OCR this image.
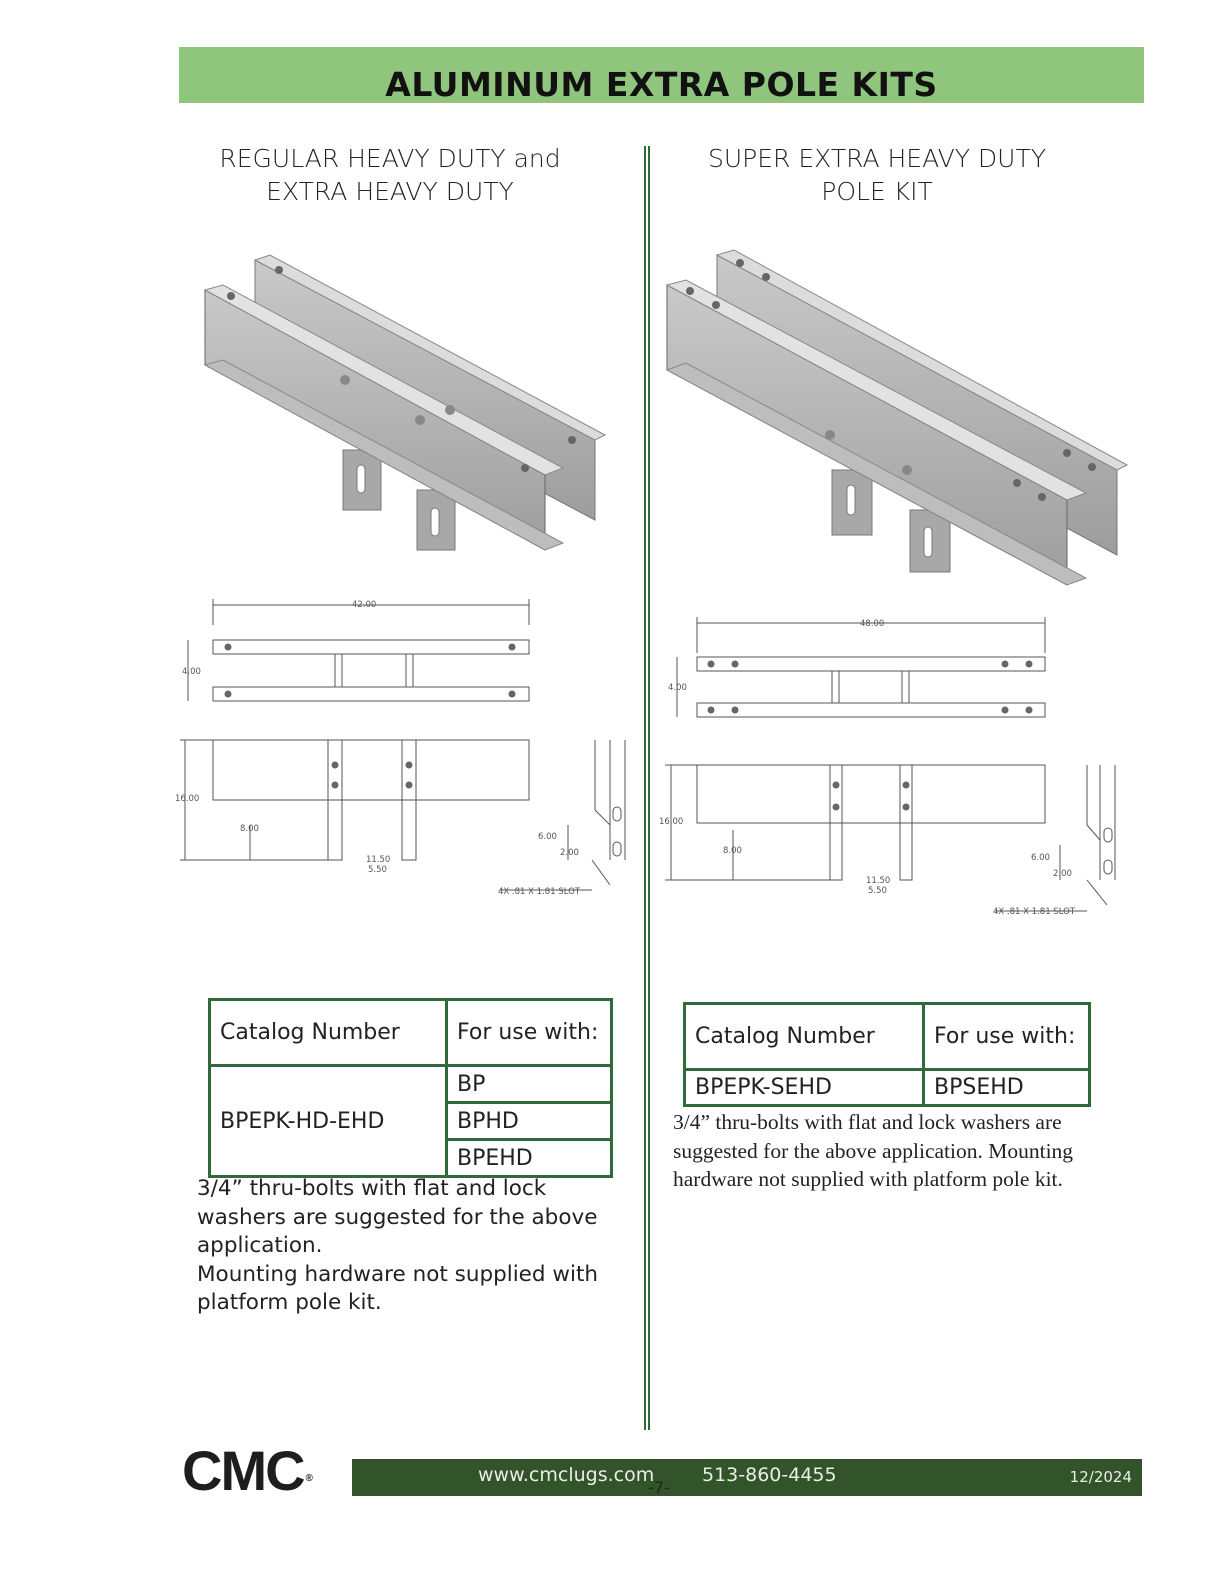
ALUMINUM EXTRA POLE KITS
REGULAR HEAVY DUTY and
EXTRA HEAVY DUTY
SUPER EXTRA HEAVY DUTY
POLE KIT
42.00
4.00
16.00
8.00
11.50
5.50
6.00
2.00
4X .81 X 1.81 SLOT
48.00
4.00
16.00
8.00
11.50
5.50
6.00
2.00
4X .81 X 1.81 SLOT
Catalog Number	For use with:
BPEPK-HD-EHD	BP
	BPHD
	BPEHD

3/4” thru-bolts with flat and lock washers are suggested for the above application.

Mounting hardware not supplied with platform pole kit.

Catalog Number	For use with:
BPEPK-SEHD	BPSEHD
3/4” thru-bolts with flat and lock washers are suggested for the above application. Mounting hardware not supplied with platform pole kit.
CMC ®	www.cmclugs.com	513-860-4455	12/2024
-7-
